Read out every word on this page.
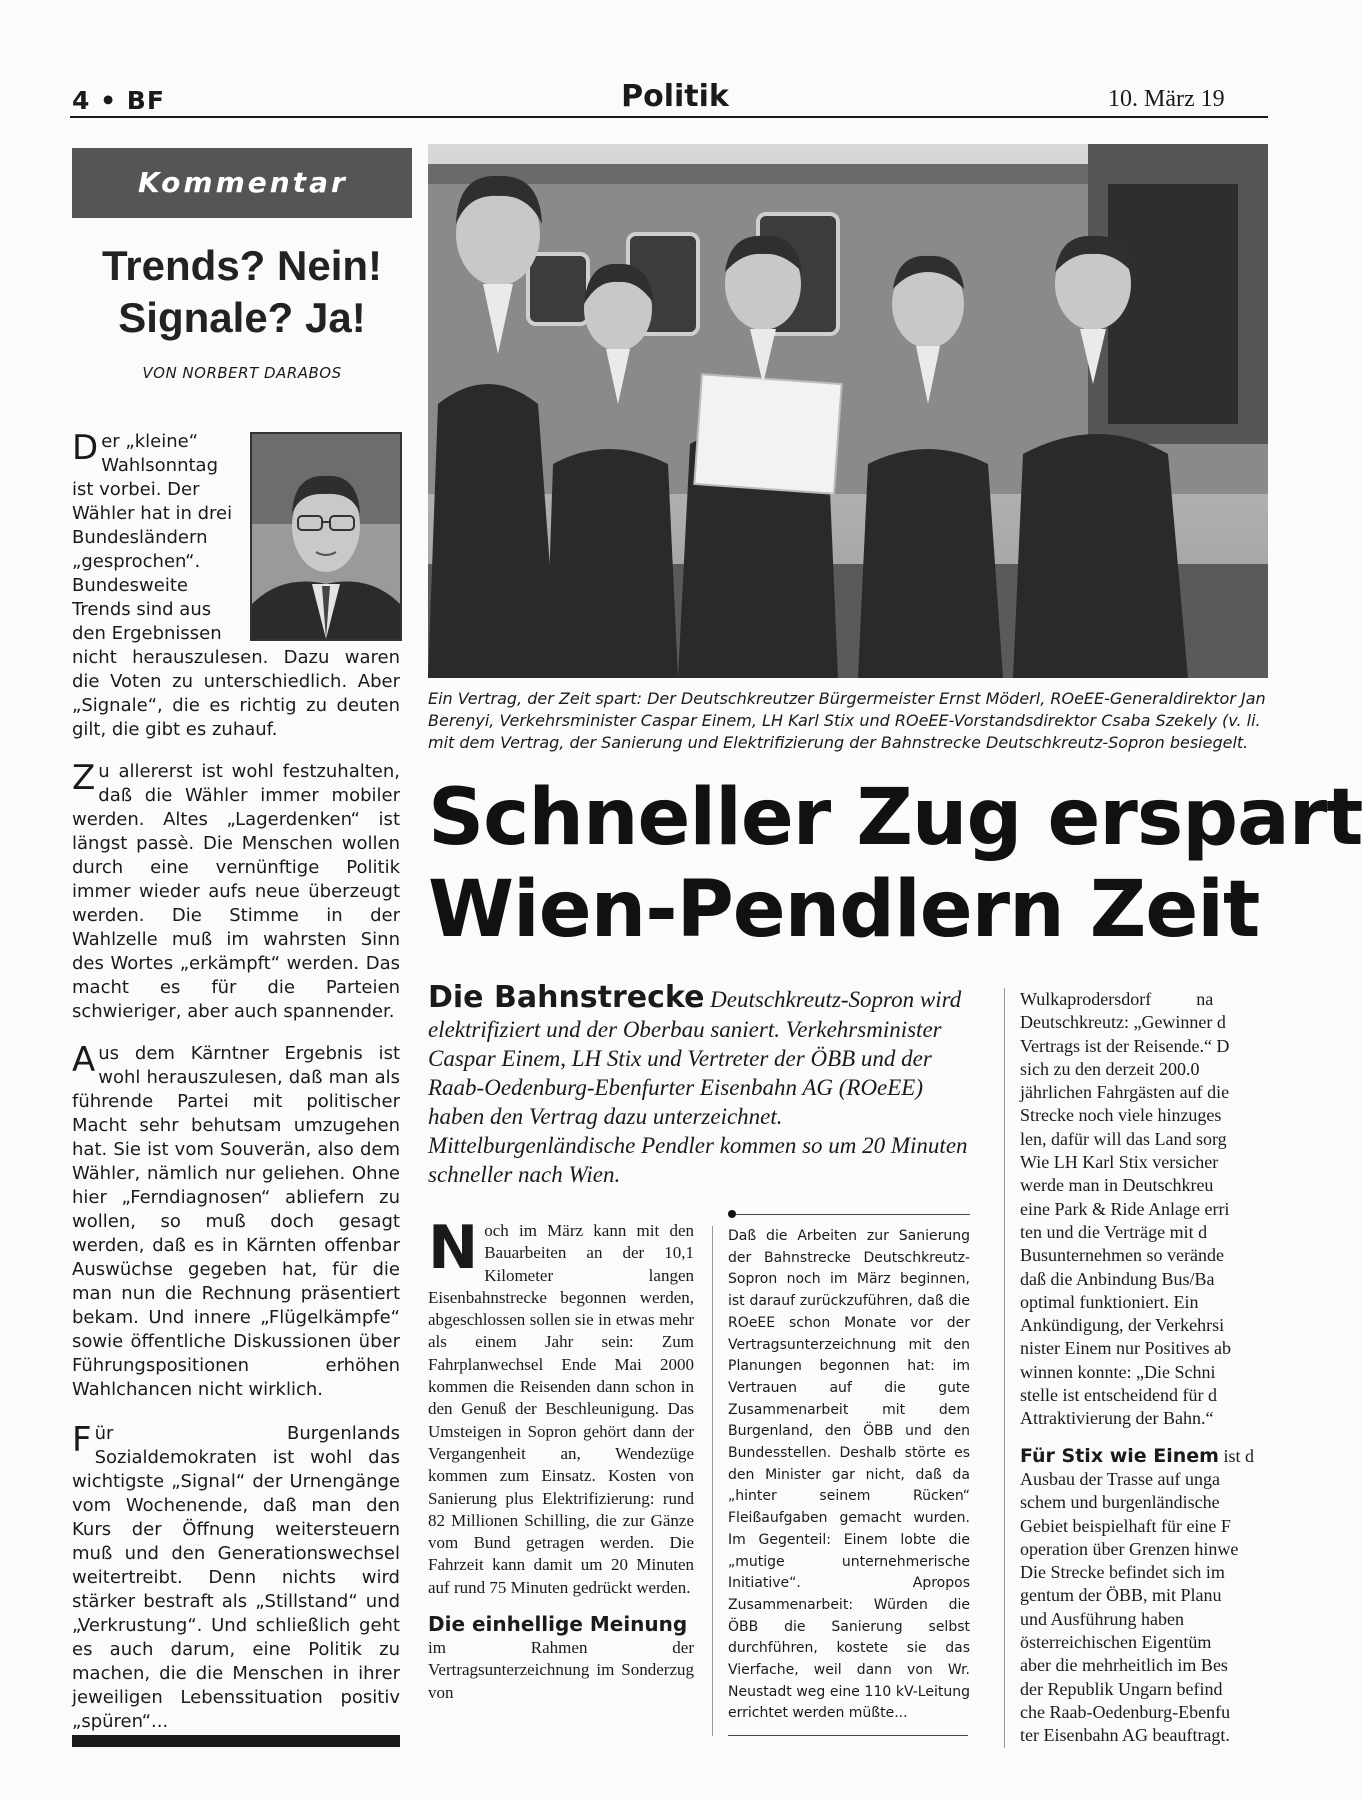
4 • BF	Politik	10. März 19
Kommentar
Trends? Nein!
Signale? Ja!
VON NORBERT DARABOS

Der „kleine“ Wahlsonntag ist vorbei. Der Wähler hat in drei Bundesländern „gesprochen“. Bundesweite Trends sind aus den Ergebnissen

Zu allererst ist wohl festzuhalten, daß die Wähler immer mobiler werden. Altes „Lagerdenken“ ist längst passè. Die Menschen wollen durch eine vernünftige Politik immer wieder aufs neue überzeugt werden. Die Stimme in der Wahlzelle muß im wahrsten Sinn des Wortes „erkämpft“ werden. Das macht es für die Parteien schwieriger, aber auch spannender.

Aus dem Kärntner Ergebnis ist wohl herauszulesen, daß man als führende Partei mit politischer Macht sehr behutsam umzugehen hat. Sie ist vom Souverän, also dem Wähler, nämlich nur geliehen. Ohne hier „Ferndiagnosen“ abliefern zu wollen, so muß doch gesagt werden, daß es in Kärnten offenbar Auswüchse gegeben hat, für die man nun die Rechnung präsentiert bekam. Und innere „Flügelkämpfe“ sowie öffentliche Diskussionen über Führungspositionen erhöhen Wahlchancen nicht wirklich.

Für Burgenlands Sozialdemokraten ist wohl das wichtigste „Signal“ der Urnengänge vom Wochenende, daß man den Kurs der Öffnung weitersteuern muß und den Generationswechsel weitertreibt. Denn nichts wird stärker bestraft als „Stillstand“ und „Verkrustung“. Und schließlich geht es auch darum, eine Politik zu machen, die die Menschen in ihrer jeweiligen Lebenssituation positiv „spüren“...

Ein Vertrag, der Zeit spart: Der Deutschkreutzer Bürgermeister Ernst Möderl, ROeEE-Generaldirektor Jan
Berenyi, Verkehrsminister Caspar Einem, LH Karl Stix und ROeEE-Vorstandsdirektor Csaba Szekely (v. li.
mit dem Vertrag, der Sanierung und Elektrifizierung der Bahnstrecke Deutschkreutz-Sopron besiegelt.
Schneller Zug erspart
Wien-Pendlern Zeit
Die Bahnstrecke Deutschkreutz-Sopron wird elektrifiziert und der Oberbau saniert. Verkehrsminister Caspar Einem, LH Stix und Vertreter der ÖBB und der Raab-Oedenburg-Ebenfurter Eisenbahn AG (ROeEE) haben den Vertrag dazu unterzeichnet. Mittelburgenländische Pendler kommen so um 20 Minuten schneller nach Wien.
Noch im März kann mit den Bauarbeiten an der 10,1 Kilometer langen Eisenbahnstrecke begonnen werden, abgeschlossen sollen sie in etwas mehr als einem Jahr sein: Zum Fahrplanwechsel Ende Mai 2000 kommen die Reisenden dann schon in den Genuß der Beschleunigung. Das Umsteigen in Sopron gehört dann der Vergangenheit an, Wendezüge kommen zum Einsatz. Kosten von Sanierung plus Elektrifizierung: rund 82 Millionen Schilling, die zur Gänze vom Bund getragen werden. Die Fahrzeit kann damit um 20 Minuten auf rund 75 Minuten gedrückt werden.
Die einhellige Meinung
im Rahmen der Vertragsunterzeichnung im Sonderzug von
Daß die Arbeiten zur Sanierung der Bahnstrecke Deutschkreutz-Sopron noch im März beginnen, ist darauf zurückzuführen, daß die ROeEE schon Monate vor der Vertragsunterzeichnung mit den Planungen begonnen hat: im Vertrauen auf die gute Zusammenarbeit mit dem Burgenland, den ÖBB und den Bundesstellen. Deshalb störte es den Minister gar nicht, daß da „hinter seinem Rücken“ Fleißaufgaben gemacht wurden. Im Gegenteil: Einem lobte die „mutige unternehmerische Initiative“. Apropos Zusammenarbeit: Würden die ÖBB die Sanierung selbst durchführen, kostete sie das Vierfache, weil dann von Wr. Neustadt weg eine 110 kV-Leitung errichtet werden müßte...
Wulkaprodersdorf          na
Deutschkreutz: „Gewinner d
Vertrags ist der Reisende.“ D
sich zu den derzeit 200.0
jährlichen Fahrgästen auf die
Strecke noch viele hinzuges
len, dafür will das Land sorg
Wie LH Karl Stix versicher
werde man in Deutschkreu
eine Park & Ride Anlage erri
ten und die Verträge mit d
Busunternehmen so verände
daß die Anbindung Bus/Ba
optimal funktioniert. Ein
Ankündigung, der Verkehrsi
nister Einem nur Positives ab
winnen konnte: „Die Schni
stelle ist entscheidend für d
Attraktivierung der Bahn.“
Für Stix wie Einem ist d
Ausbau der Trasse auf unga
schem und burgenländische
Gebiet beispielhaft für eine F
operation über Grenzen hinwe
Die Strecke befindet sich im
gentum der ÖBB, mit Planu
und Ausführung haben
österreichischen Eigentüm
aber die mehrheitlich im Bes
der Republik Ungarn befind
che Raab-Oedenburg-Ebenfu
ter Eisenbahn AG beauftragt.

nicht herauszulesen. Dazu waren die Voten zu unterschiedlich. Aber „Signale“, die es richtig zu deuten gilt, die gibt es zuhauf.
